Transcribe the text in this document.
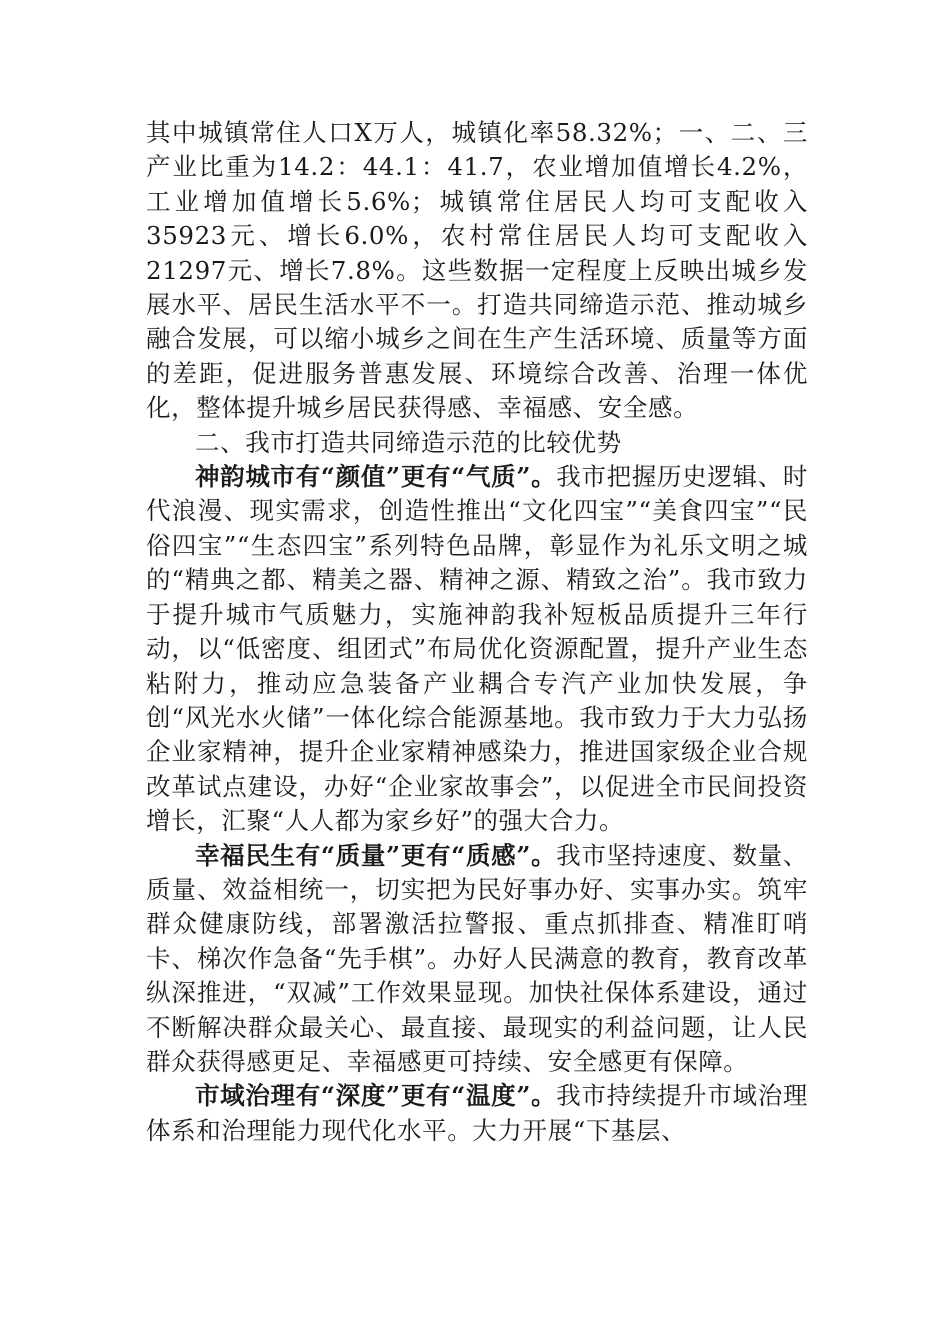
其中城镇常住人口X万人，城镇化率58.32%；一、二、三产业比重为14.2：44.1：41.7，农业增加值增长4.2%，工业增加值增长5.6%；城镇常住居民人均可支配收入35923元、增长6.0%，农村常住居民人均可支配收入21297元、增长7.8%。这些数据一定程度上反映出城乡发展水平、居民生活水平不一。打造共同缔造示范、推动城乡融合发展，可以缩小城乡之间在生产生活环境、质量等方面的差距，促进服务普惠发展、环境综合改善、治理一体优化，整体提升城乡居民获得感、幸福感、安全感。

二、我市打造共同缔造示范的比较优势

神韵城市有“颜值”更有“气质”。我市把握历史逻辑、时代浪漫、现实需求，创造性推出“文化四宝”“美食四宝”“民俗四宝”“生态四宝”系列特色品牌，彰显作为礼乐文明之城的“精典之都、精美之器、精神之源、精致之治”。我市致力于提升城市气质魅力，实施神韵我补短板品质提升三年行动，以“低密度、组团式”布局优化资源配置，提升产业生态粘附力，推动应急装备产业耦合专汽产业加快发展，争创“风光水火储”一体化综合能源基地。我市致力于大力弘扬企业家精神，提升企业家精神感染力，推进国家级企业合规改革试点建设，办好“企业家故事会”，以促进全市民间投资增长，汇聚“人人都为家乡好”的强大合力。

幸福民生有“质量”更有“质感”。我市坚持速度、数量、质量、效益相统一，切实把为民好事办好、实事办实。筑牢群众健康防线，部署激活拉警报、重点抓排查、精准盯哨卡、梯次作急备“先手棋”。办好人民满意的教育，教育改革纵深推进，“双减”工作效果显现。加快社保体系建设，通过不断解决群众最关心、最直接、最现实的利益问题，让人民群众获得感更足、幸福感更可持续、安全感更有保障。

市域治理有“深度”更有“温度”。我市持续提升市域治理体系和治理能力现代化水平。大力开展“下基层、
